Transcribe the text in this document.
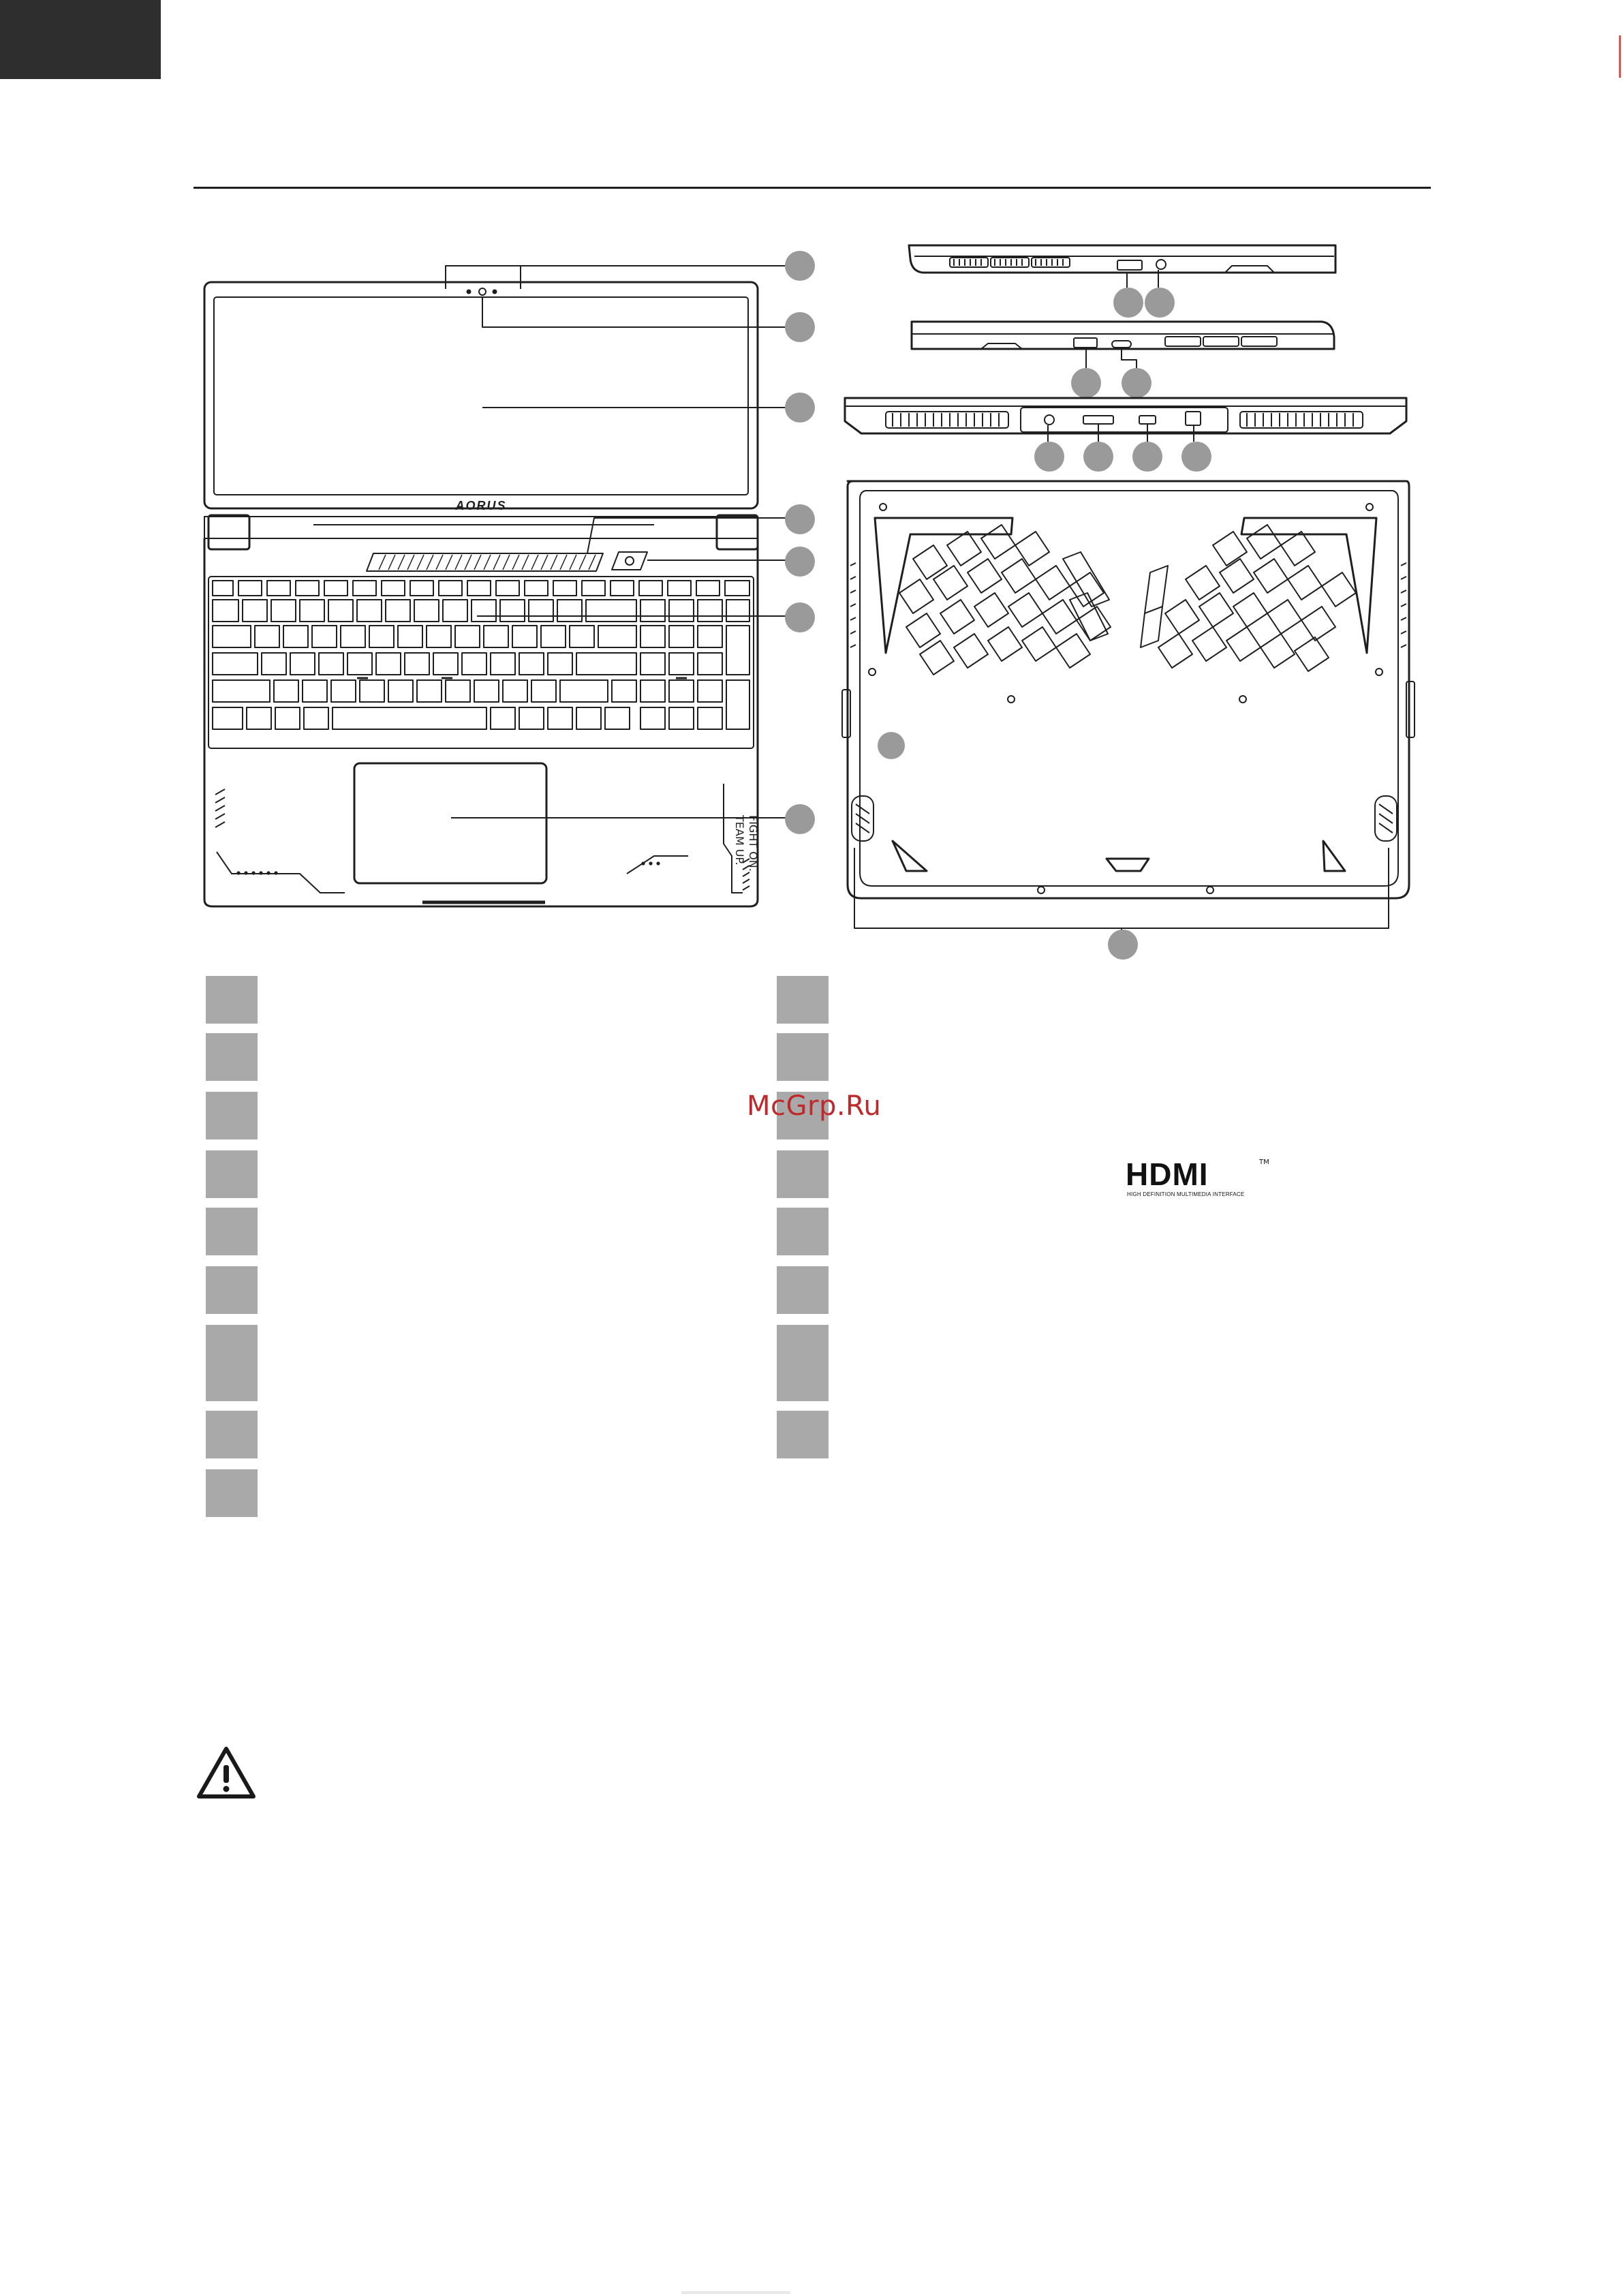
AORUS
TEAM UP. FIGHT ON.
McGrp.Ru
HDMI	TM
HIGH DEFINITION MULTIMEDIA INTERFACE
